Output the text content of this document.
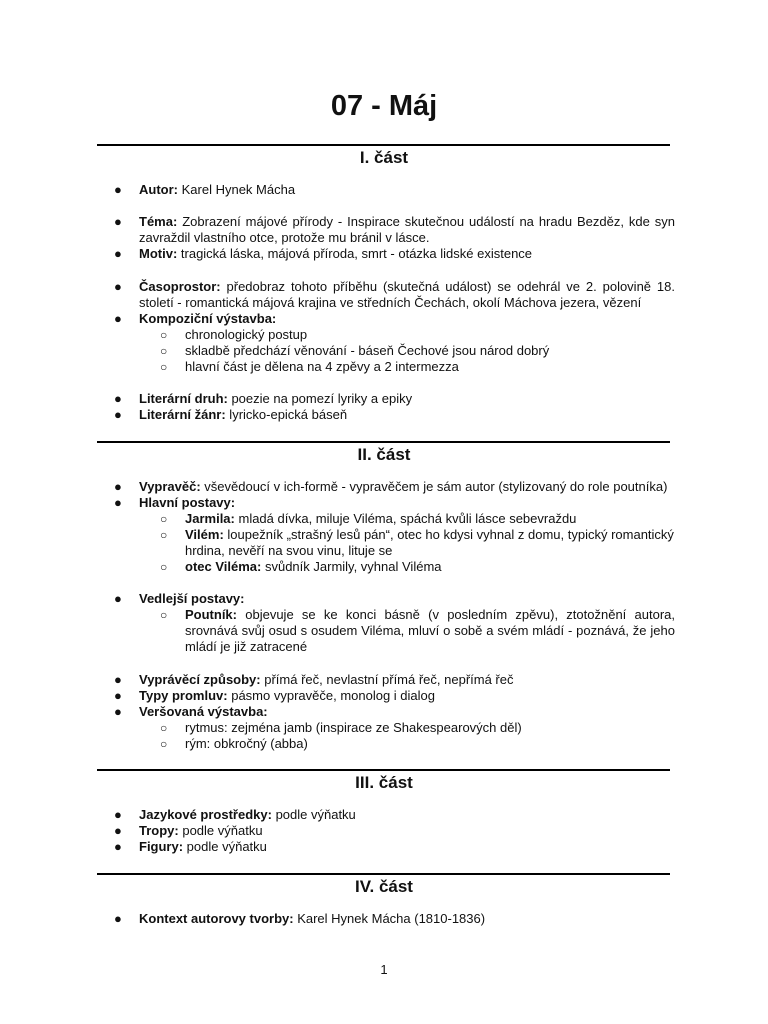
07 - Máj
I. část
● Autor: Karel Hynek Mácha
● Téma: Zobrazení májové přírody - Inspirace skutečnou událostí na hradu Bezděz, kde syn zavraždil vlastního otce, protože mu bránil v lásce.
● Motiv: tragická láska, májová příroda, smrt - otázka lidské existence
● Časoprostor: předobraz tohoto příběhu (skutečná událost) se odehrál ve 2. polovině 18. století - romantická májová krajina ve středních Čechách, okolí Máchova jezera, vězení
● Kompoziční výstavba:
○ chronologický postup
○ skladbě předchází věnování - báseň Čechové jsou národ dobrý
○ hlavní část je dělena na 4 zpěvy a 2 intermezza
● Literární druh: poezie na pomezí lyriky a epiky
● Literární žánr: lyricko-epická báseň
II. část
● Vypravěč: vševědoucí v ich-formě - vypravěčem je sám autor (stylizovaný do role poutníka)
● Hlavní postavy:
○ Jarmila: mladá dívka, miluje Viléma, spáchá kvůli lásce sebevraždu
○ Vilém: loupežník „strašný lesů pán“, otec ho kdysi vyhnal z domu, typický romantický hrdina, nevěří na svou vinu, lituje se
○ otec Viléma: svůdník Jarmily, vyhnal Viléma
● Vedlejší postavy:
○ Poutník: objevuje se ke konci básně (v posledním zpěvu), ztotožnění autora, srovnává svůj osud s osudem Viléma, mluví o sobě a svém mládí - poznává, že jeho mládí je již zatracené
● Vyprávěcí způsoby: přímá řeč, nevlastní přímá řeč, nepřímá řeč
● Typy promluv: pásmo vypravěče, monolog i dialog
● Veršovaná výstavba:
○ rytmus: zejména jamb (inspirace ze Shakespearových děl)
○ rým: obkročný (abba)
III. část
● Jazykové prostředky: podle výňatku
● Tropy: podle výňatku
● Figury: podle výňatku
IV. část
● Kontext autorovy tvorby: Karel Hynek Mácha (1810-1836)
1
